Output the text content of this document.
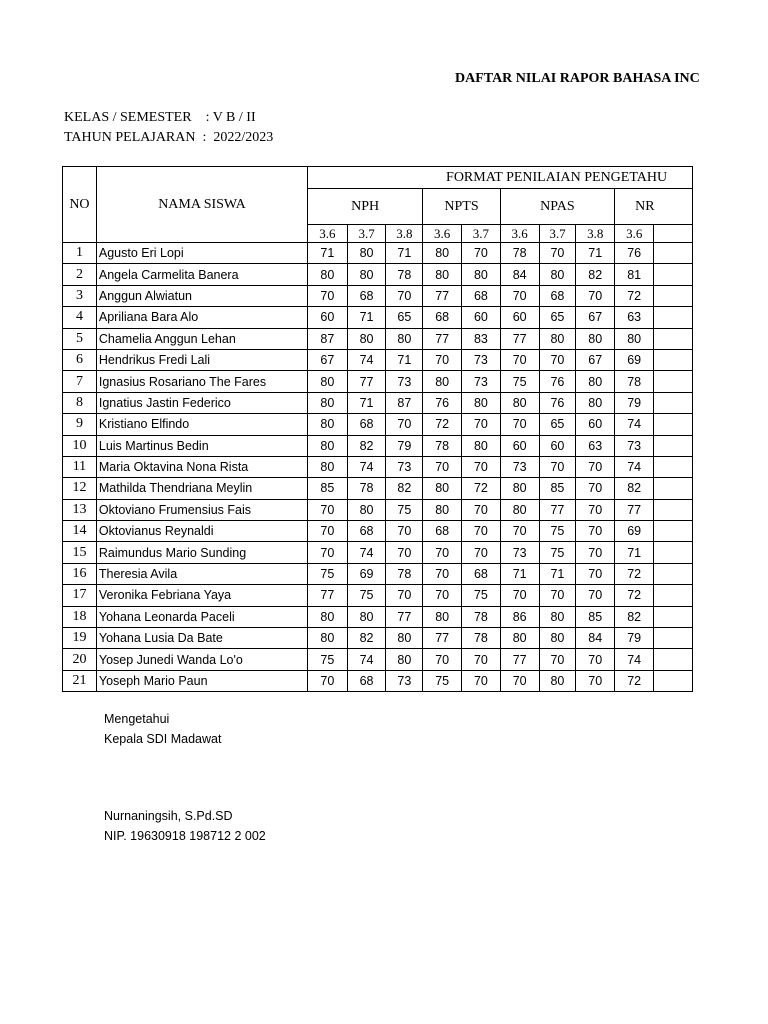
DAFTAR NILAI RAPOR BAHASA INC
KELAS / SEMESTER    : V B / II
TAHUN PELAJARAN  :  2022/2023
NO	NAMA SISWA	FORMAT PENILAIAN PENGETAHU									
		NPH			NPTS		NPAS			NR	
		3.6	3.7	3.8	3.6	3.7	3.6	3.7	3.8	3.6	
1	Agusto Eri Lopi	71	80	71	80	70	78	70	71	76	
2	Angela Carmelita Banera	80	80	78	80	80	84	80	82	81	
3	Anggun Alwiatun	70	68	70	77	68	70	68	70	72	
4	Apriliana Bara Alo	60	71	65	68	60	60	65	67	63	
5	Chamelia Anggun Lehan	87	80	80	77	83	77	80	80	80	
6	Hendrikus Fredi Lali	67	74	71	70	73	70	70	67	69	
7	Ignasius Rosariano The Fares	80	77	73	80	73	75	76	80	78	
8	Ignatius Jastin Federico	80	71	87	76	80	80	76	80	79	
9	Kristiano Elfindo	80	68	70	72	70	70	65	60	74	
10	Luis Martinus Bedin	80	82	79	78	80	60	60	63	73	
11	Maria Oktavina Nona Rista	80	74	73	70	70	73	70	70	74	
12	Mathilda Thendriana Meylin	85	78	82	80	72	80	85	70	82	
13	Oktoviano Frumensius Fais	70	80	75	80	70	80	77	70	77	
14	Oktovianus Reynaldi	70	68	70	68	70	70	75	70	69	
15	Raimundus Mario Sunding	70	74	70	70	70	73	75	70	71	
16	Theresia Avila	75	69	78	70	68	71	71	70	72	
17	Veronika Febriana Yaya	77	75	70	70	75	70	70	70	72	
18	Yohana Leonarda Paceli	80	80	77	80	78	86	80	85	82	
19	Yohana Lusia Da Bate	80	82	80	77	78	80	80	84	79	
20	Yosep Junedi Wanda Lo'o	75	74	80	70	70	77	70	70	74	
21	Yoseph Mario Paun	70	68	73	75	70	70	80	70	72	
Mengetahui
Kepala SDI Madawat
Nurnaningsih, S.Pd.SD
NIP. 19630918 198712 2 002
